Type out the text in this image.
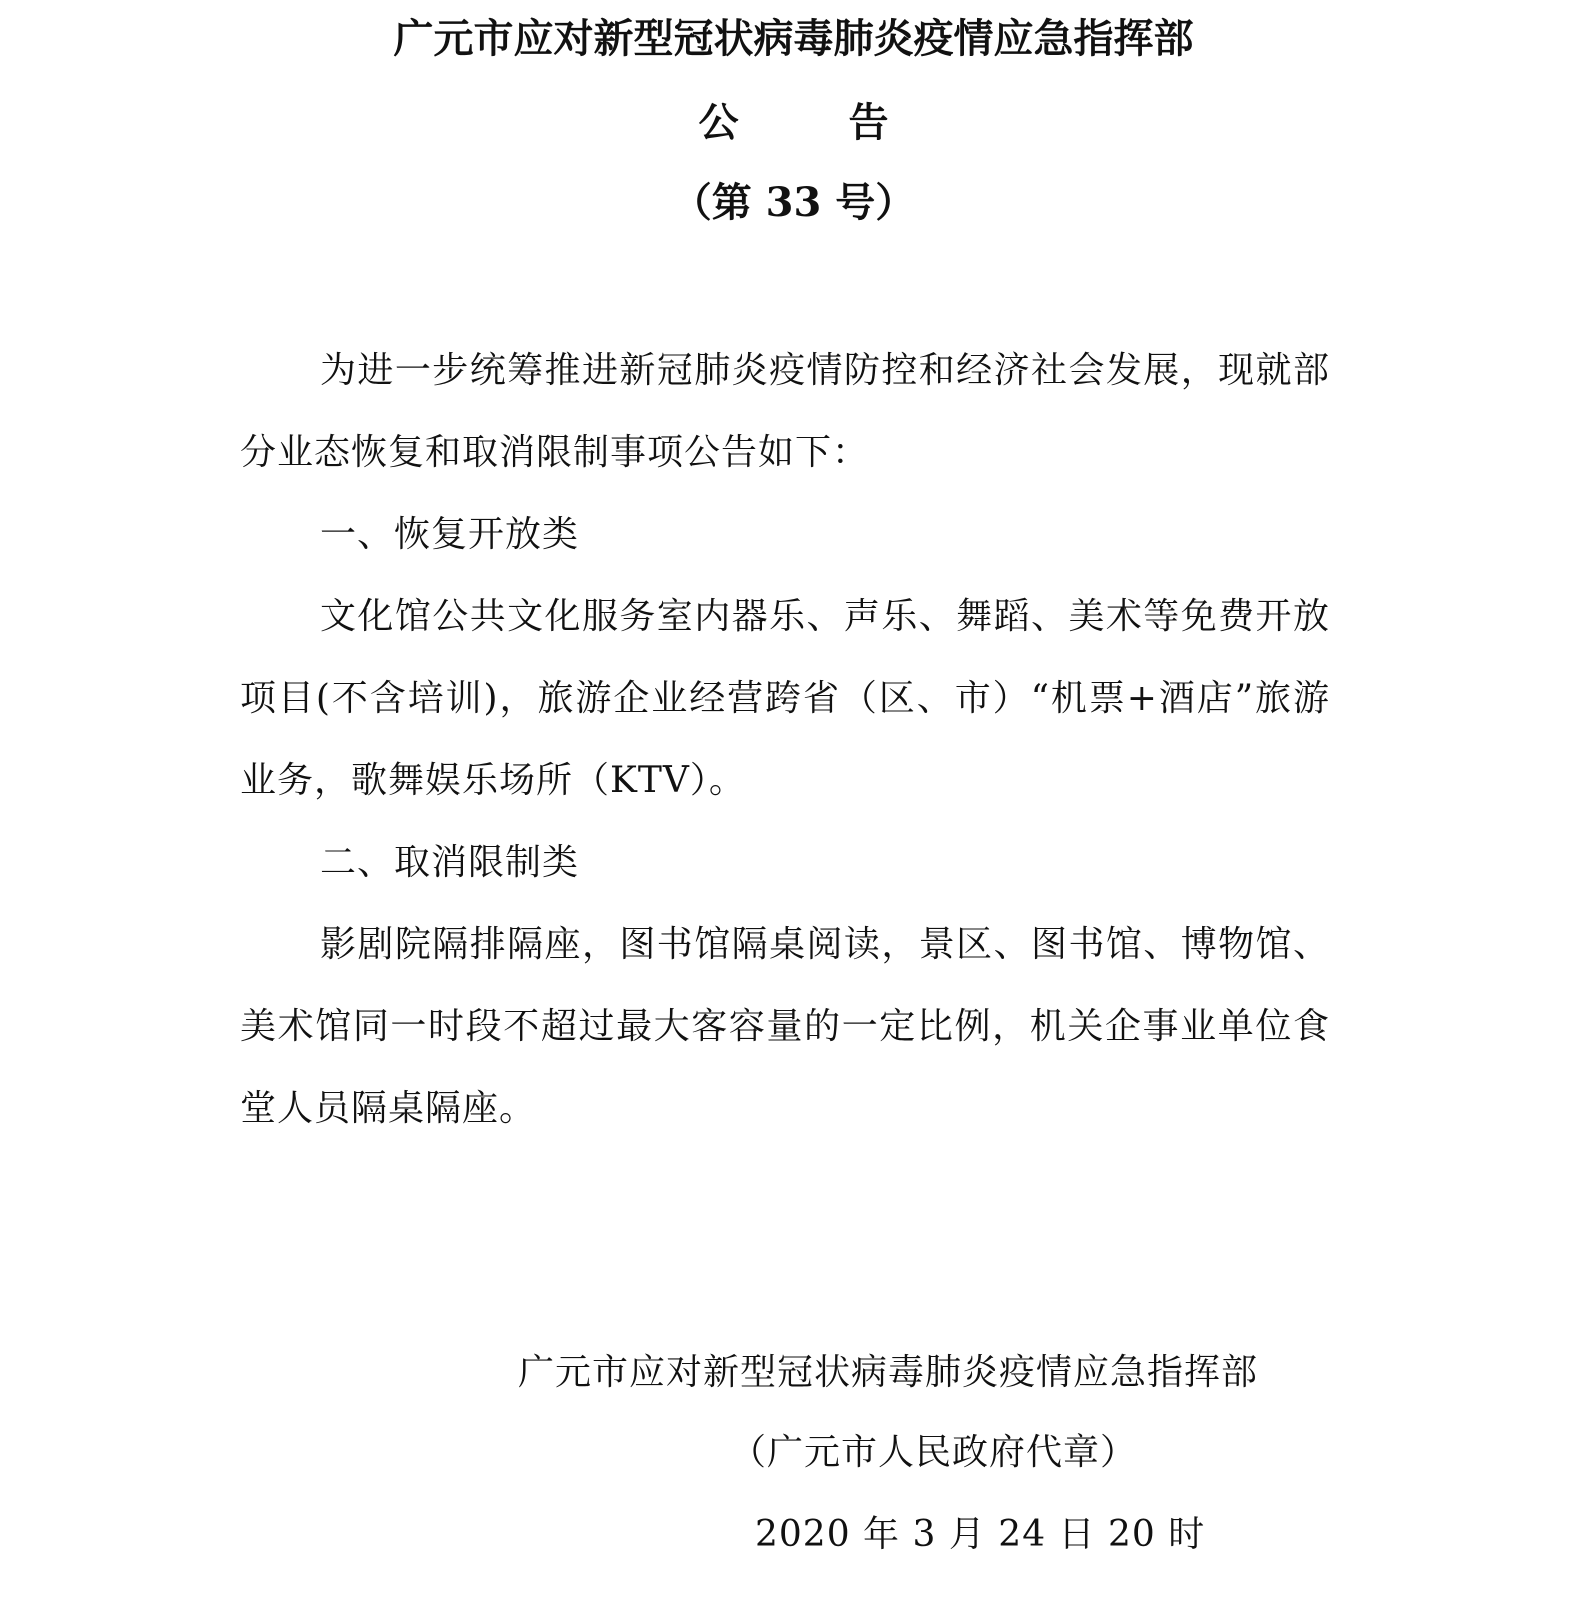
广元市应对新型冠状病毒肺炎疫情应急指挥部
公告
（第 33 号）

为进一步统筹推进新冠肺炎疫情防控和经济社会发展，现就部分业态恢复和取消限制事项公告如下：

一、恢复开放类

文化馆公共文化服务室内器乐、声乐、舞蹈、美术等免费开放项目(不含培训)，旅游企业经营跨省（区、市）“机票+酒店”旅游业务，歌舞娱乐场所（KTV）。

二、取消限制类

影剧院隔排隔座，图书馆隔桌阅读，景区、图书馆、博物馆、美术馆同一时段不超过最大客容量的一定比例，机关企事业单位食堂人员隔桌隔座。

广元市应对新型冠状病毒肺炎疫情应急指挥部
（广元市人民政府代章）
2020 年 3 月 24 日 20 时
